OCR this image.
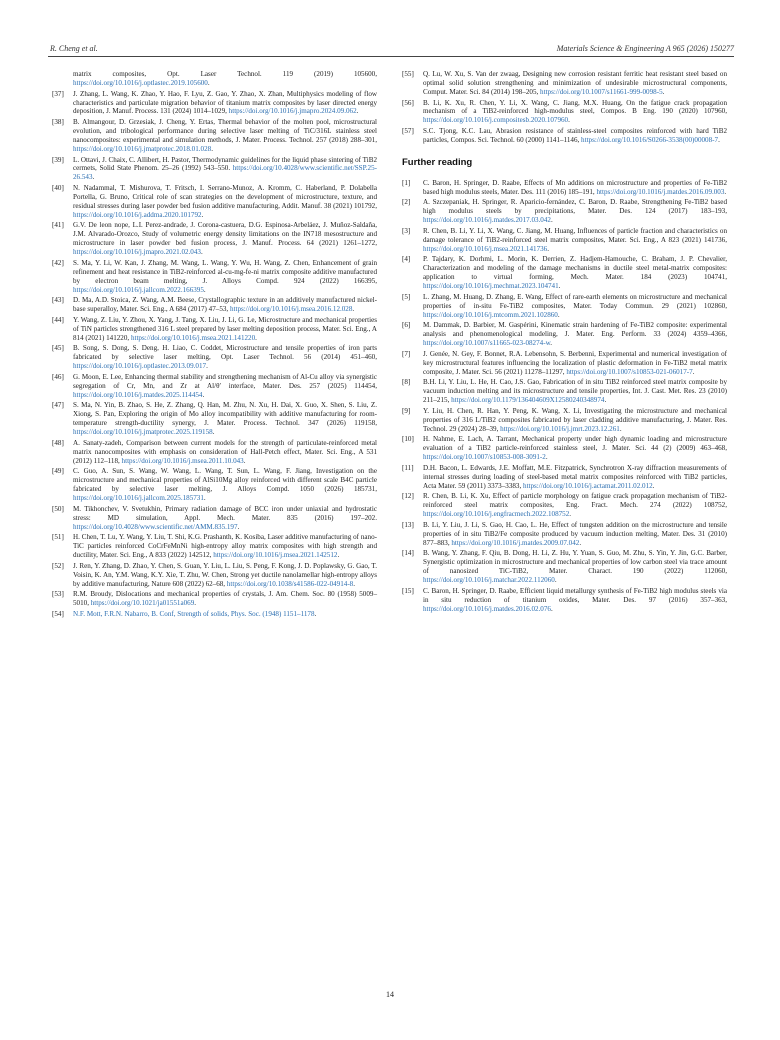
R. Cheng et al.	Materials Science & Engineering A 965 (2026) 150277
matrix composites, Opt. Laser Technol. 119 (2019) 105600, https://doi.org/10.1016/j.optlastec.2019.105600.
[37]	J. Zhang, L. Wang, K. Zhao, Y. Hao, F. Lyu, Z. Gao, Y. Zhao, X. Zhan, Multiphysics modeling of flow characteristics and particulate migration behavior of titanium matrix composites by laser directed energy deposition, J. Manuf. Process. 131 (2024) 1014–1029, https://doi.org/10.1016/j.jmapro.2024.09.062.
[38]	B. Almangour, D. Grzesiak, J. Cheng, Y. Ertas, Thermal behavior of the molten pool, microstructural evolution, and tribological performance during selective laser melting of TiC/316L stainless steel nanocomposites: experimental and simulation methods, J. Mater. Process. Technol. 257 (2018) 288–301, https://doi.org/10.1016/j.jmatprotec.2018.01.028.
[39]	L. Ottavi, J. Chaix, C. Allibert, H. Pastor, Thermodynamic guidelines for the liquid phase sintering of TiB2 cermets, Solid State Phenom. 25–26 (1992) 543–550. https://doi.org/10.4028/www.scientific.net/SSP.25-26.543.
[40]	N. Nadammal, T. Mishurova, T. Fritsch, I. Serrano-Munoz, A. Kromm, C. Haberland, P. Dolabella Portella, G. Bruno, Critical role of scan strategies on the development of microstructure, texture, and residual stresses during laser powder bed fusion additive manufacturing, Addit. Manuf. 38 (2021) 101792, https://doi.org/10.1016/j.addma.2020.101792.
[41]	G.V. De leon nope, L.I. Perez-andrade, J. Corona-castuera, D.G. Espinosa-Arbeláez, J. Muñoz-Saldaña, J.M. Alvarado-Orozco, Study of volumetric energy density limitations on the IN718 mesostructure and microstructure in laser powder bed fusion process, J. Manuf. Process. 64 (2021) 1261–1272, https://doi.org/10.1016/j.jmapro.2021.02.043.
[42]	S. Ma, Y. Li, W. Kan, J. Zhang, M. Wang, L. Wang, Y. Wu, H. Wang, Z. Chen, Enhancement of grain refinement and heat resistance in TiB2-reinforced al-cu-mg-fe-ni matrix composite additive manufactured by electron beam melting, J. Alloys Compd. 924 (2022) 166395, https://doi.org/10.1016/j.jallcom.2022.166395.
[43]	D. Ma, A.D. Stoica, Z. Wang, A.M. Beese, Crystallographic texture in an additively manufactured nickel-base superalloy, Mater. Sci. Eng., A 684 (2017) 47–53, https://doi.org/10.1016/j.msea.2016.12.028.
[44]	Y. Wang, Z. Liu, Y. Zhou, X. Yang, J. Tang, X. Liu, J. Li, G. Le, Microstructure and mechanical properties of TiN particles strengthened 316 L steel prepared by laser melting deposition process, Mater. Sci. Eng., A 814 (2021) 141220, https://doi.org/10.1016/j.msea.2021.141220.
[45]	B. Song, S. Dong, S. Deng, H. Liao, C. Coddet, Microstructure and tensile properties of iron parts fabricated by selective laser melting, Opt. Laser Technol. 56 (2014) 451–460, https://doi.org/10.1016/j.optlastec.2013.09.017.
[46]	G. Moon, E. Lee, Enhancing thermal stability and strengthening mechanism of Al-Cu alloy via synergistic segregation of Cr, Mn, and Zr at Al/θ′ interface, Mater. Des. 257 (2025) 114454, https://doi.org/10.1016/j.matdes.2025.114454.
[47]	S. Ma, N. Yin, B. Zhao, S. He, Z. Zhang, Q. Han, M. Zhu, N. Xu, H. Dai, X. Guo, X. Shen, S. Liu, Z. Xiong, S. Pan, Exploring the origin of Mo alloy incompatibility with additive manufacturing for room-temperature strength-ductility synergy, J. Mater. Process. Technol. 347 (2026) 119158, https://doi.org/10.1016/j.jmatprotec.2025.119158.
[48]	A. Sanaty-zadeh, Comparison between current models for the strength of particulate-reinforced metal matrix nanocomposites with emphasis on consideration of Hall-Petch effect, Mater. Sci. Eng., A 531 (2012) 112–118, https://doi.org/10.1016/j.msea.2011.10.043.
[49]	C. Guo, A. Sun, S. Wang, W. Wang, L. Wang, T. Sun, L. Wang, F. Jiang, Investigation on the microstructure and mechanical properties of AlSi10Mg alloy reinforced with different scale B4C particle fabricated by selective laser melting, J. Alloys Compd. 1050 (2026) 185731, https://doi.org/10.1016/j.jallcom.2025.185731.
[50]	M. Tikhonchev, V. Svetukhin, Primary radiation damage of BCC iron under uniaxial and hydrostatic stress: MD simulation, Appl. Mech. Mater. 835 (2016) 197–202. https://doi.org/10.4028/www.scientific.net/AMM.835.197.
[51]	H. Chen, T. Lu, Y. Wang, Y. Liu, T. Shi, K.G. Prashanth, K. Kosiba, Laser additive manufacturing of nano-TiC particles reinforced CoCrFeMnNi high-entropy alloy matrix composites with high strength and ductility, Mater. Sci. Eng., A 833 (2022) 142512, https://doi.org/10.1016/j.msea.2021.142512.
[52]	J. Ren, Y. Zhang, D. Zhao, Y. Chen, S. Guan, Y. Liu, L. Liu, S. Peng, F. Kong, J. D. Poplawsky, G. Gao, T. Voisin, K. An, Y.M. Wang, K.Y. Xie, T. Zhu, W. Chen, Strong yet ductile nanolamellar high-entropy alloys by additive manufacturing, Nature 608 (2022) 62–68, https://doi.org/10.1038/s41586-022-04914-8.
[53]	R.M. Broudy, Dislocations and mechanical properties of crystals, J. Am. Chem. Soc. 80 (1958) 5009–5010, https://doi.org/10.1021/ja01551a069.
[54]	N.F. Mott, F.R.N. Nabarro, B. Conf, Strength of solids, Phys. Soc. (1948) 1151–1178.
[55]	Q. Lu, W. Xu, S. Van der zwaag, Designing new corrosion resistant ferritic heat resistant steel based on optimal solid solution strengthening and minimization of undesirable microstructural components, Comput. Mater. Sci. 84 (2014) 198–205, https://doi.org/10.1007/s11661-999-0098-5.
[56]	B. Li, K. Xu, R. Chen, Y. Li, X. Wang, C. Jiang, M.X. Huang, On the fatigue crack propagation mechanism of a TiB2-reinforced high-modulus steel, Compos. B Eng. 190 (2020) 107960, https://doi.org/10.1016/j.compositesb.2020.107960.
[57]	S.C. Tjong, K.C. Lau, Abrasion resistance of stainless-steel composites reinforced with hard TiB2 particles, Compos. Sci. Technol. 60 (2000) 1141–1146, https://doi.org/10.1016/S0266-3538(00)00008-7.
Further reading
[1]	C. Baron, H. Springer, D. Raabe, Effects of Mn additions on microstructure and properties of Fe-TiB2 based high modulus steels, Mater. Des. 111 (2016) 185–191, https://doi.org/10.1016/j.matdes.2016.09.003.
[2]	A. Szczepaniak, H. Springer, R. Aparicio-fernández, C. Baron, D. Raabe, Strengthening Fe-TiB2 based high modulus steels by precipitations, Mater. Des. 124 (2017) 183–193, https://doi.org/10.1016/j.matdes.2017.03.042.
[3]	R. Chen, B. Li, Y. Li, X. Wang, C. Jiang, M. Huang, Influences of particle fraction and characteristics on damage tolerance of TiB2-reinforced steel matrix composites, Mater. Sci. Eng., A 823 (2021) 141736, https://doi.org/10.1016/j.msea.2021.141736.
[4]	P. Tajdary, K. Dorhmi, L. Morin, K. Derrien, Z. Hadjem-Hamouche, C. Braham, J. P. Chevalier, Characterization and modeling of the damage mechanisms in ductile steel metal-matrix composites: application to virtual forming, Mech. Mater. 184 (2023) 104741, https://doi.org/10.1016/j.mechmat.2023.104741.
[5]	L. Zhang, M. Huang, D. Zhang, E. Wang, Effect of rare-earth elements on microstructure and mechanical properties of in-situ Fe-TiB2 composites, Mater. Today Commun. 29 (2021) 102860, https://doi.org/10.1016/j.mtcomm.2021.102860.
[6]	M. Dammak, D. Barbier, M. Gaspérini, Kinematic strain hardening of Fe-TiB2 composite: experimental analysis and phenomenological modeling, J. Mater. Eng. Perform. 33 (2024) 4359–4366, https://doi.org/10.1007/s11665-023-08274-w.
[7]	J. Genée, N. Gey, F. Bonnet, R.A. Lebensohn, S. Berbenni, Experimental and numerical investigation of key microstructural features influencing the localization of plastic deformation in Fe-TiB2 metal matrix composite, J. Mater. Sci. 56 (2021) 11278–11297, https://doi.org/10.1007/s10853-021-06017-7.
[8]	B.H. Li, Y. Liu, L. He, H. Cao, J.S. Gao, Fabrication of in situ TiB2 reinforced steel matrix composite by vacuum induction melting and its microstructure and tensile properties, Int. J. Cast. Met. Res. 23 (2010) 211–215, https://doi.org/10.1179/136404609X12580240348974.
[9]	Y. Liu, H. Chen, R. Han, Y. Peng, K. Wang, X. Li, Investigating the microstructure and mechanical properties of 316 L/TiB2 composites fabricated by laser cladding additive manufacturing, J. Mater. Res. Technol. 29 (2024) 28–39, https://doi.org/10.1016/j.jmrt.2023.12.261.
[10]	H. Nahme, E. Lach, A. Tarrant, Mechanical property under high dynamic loading and microstructure evaluation of a TiB2 particle-reinforced stainless steel, J. Mater. Sci. 44 (2) (2009) 463–468, https://doi.org/10.1007/s10853-008-3091-2.
[11]	D.H. Bacon, L. Edwards, J.E. Moffatt, M.E. Fitzpatrick, Synchrotron X-ray diffraction measurements of internal stresses during loading of steel-based metal matrix composites reinforced with TiB2 particles, Acta Mater. 59 (2011) 3373–3383, https://doi.org/10.1016/j.actamat.2011.02.012.
[12]	R. Chen, B. Li, K. Xu, Effect of particle morphology on fatigue crack propagation mechanism of TiB2-reinforced steel matrix composites, Eng. Fract. Mech. 274 (2022) 108752, https://doi.org/10.1016/j.engfracmech.2022.108752.
[13]	B. Li, Y. Liu, J. Li, S. Gao, H. Cao, L. He, Effect of tungsten addition on the microstructure and tensile properties of in situ TiB2/Fe composite produced by vacuum induction melting, Mater. Des. 31 (2010) 877–883, https://doi.org/10.1016/j.matdes.2009.07.042.
[14]	B. Wang, Y. Zhang, F. Qiu, B. Dong, H. Li, Z. Hu, Y. Yuan, S. Guo, M. Zhu, S. Yin, Y. Jin, G.C. Barber, Synergistic optimization in microstructure and mechanical properties of low carbon steel via trace amount of nanosized TiC-TiB2, Mater. Charact. 190 (2022) 112060, https://doi.org/10.1016/j.matchar.2022.112060.
[15]	C. Baron, H. Springer, D. Raabe, Efficient liquid metallurgy synthesis of Fe-TiB2 high modulus steels via in situ reduction of titanium oxides, Mater. Des. 97 (2016) 357–363, https://doi.org/10.1016/j.matdes.2016.02.076.
14
